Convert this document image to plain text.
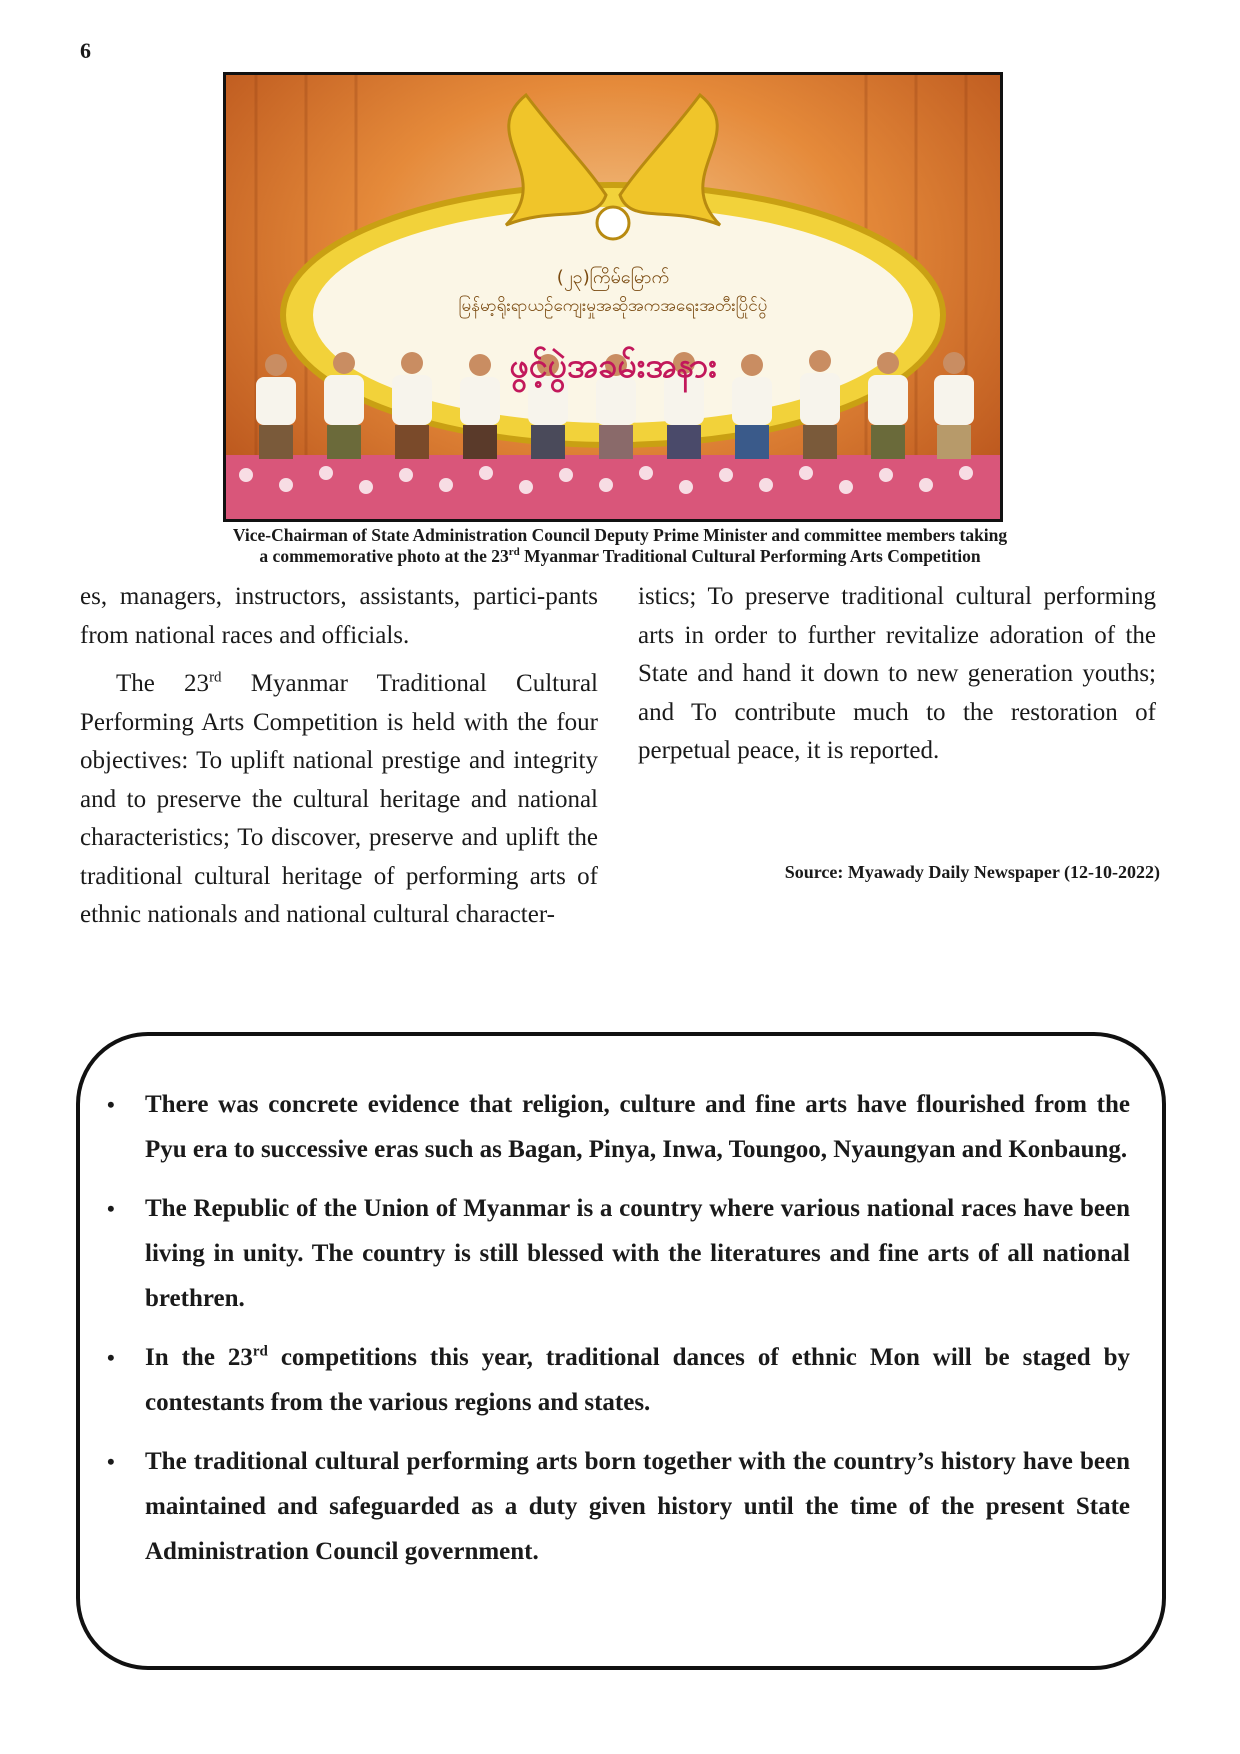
6
(၂၃)ကြိမ်မြောက်
မြန်မာ့ရိုးရာယဉ်ကျေးမှုအဆိုအကအရေးအတီးပြိုင်ပွဲ
ဖွင့်ပွဲအခမ်းအနား
Vice-Chairman of State Administration Council Deputy Prime Minister and committee members taking
a commemorative photo at the 23rd Myanmar Traditional Cultural Performing Arts Competition

es, managers, instructors, assistants, partici-pants from national races and officials.

The 23rd Myanmar Traditional Cultural Performing Arts Competition is held with the four objectives: To uplift national prestige and integrity and to preserve the cultural heritage and national characteristics; To discover, preserve and uplift the traditional cultural heritage of performing arts of ethnic nationals and national cultural character-

istics; To preserve traditional cultural performing arts in order to further revitalize adoration of the State and hand it down to new generation youths; and To contribute much to the restoration of perpetual peace, it is reported.

Source: Myawady Daily Newspaper (12-10-2022)
• There was concrete evidence that religion, culture and fine arts have flourished from the Pyu era to successive eras such as Bagan, Pinya, Inwa, Toungoo, Nyaungyan and Konbaung.
• The Republic of the Union of Myanmar is a country where various national races have been living in unity. The country is still blessed with the literatures and fine arts of all national brethren.
• In the 23rd competitions this year, traditional dances of ethnic Mon will be staged by contestants from the various regions and states.
• The traditional cultural performing arts born together with the country’s history have been maintained and safeguarded as a duty given history until the time of the present State Administration Council government.
